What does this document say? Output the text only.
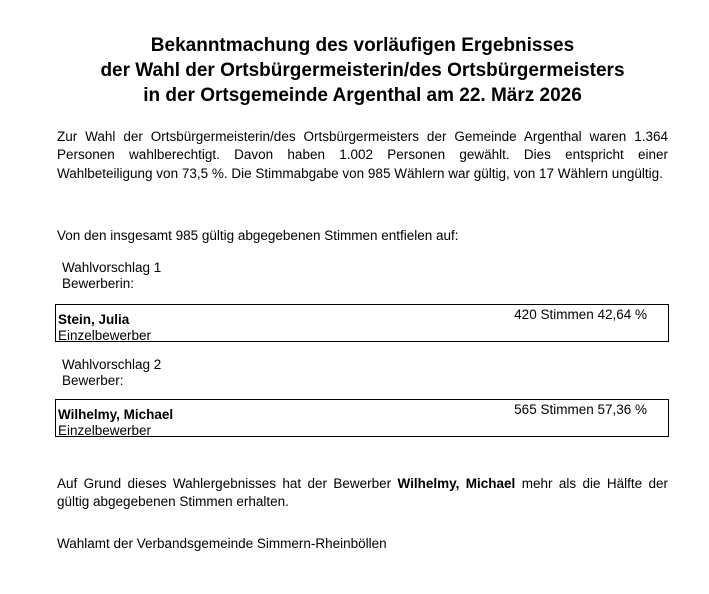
Bekanntmachung des vorläufigen Ergebnisses
der Wahl der Ortsbürgermeisterin/des Ortsbürgermeisters
in der Ortsgemeinde Argenthal am 22. März 2026
Zur Wahl der Ortsbürgermeisterin/des Ortsbürgermeisters der Gemeinde Argenthal waren 1.364 Personen wahlberechtigt. Davon haben 1.002 Personen gewählt. Dies entspricht einer Wahlbeteiligung von 73,5 %. Die Stimmabgabe von 985 Wählern war gültig, von 17 Wählern ungültig.
Von den insgesamt 985 gültig abgegebenen Stimmen entfielen auf:
Wahlvorschlag 1
Bewerberin:
Stein, Julia
Einzelbewerber
420 Stimmen 42,64 %
Wahlvorschlag 2
Bewerber:
Wilhelmy, Michael
Einzelbewerber
565 Stimmen 57,36 %
Auf Grund dieses Wahlergebnisses hat der Bewerber Wilhelmy, Michael mehr als die Hälfte der gültig abgegebenen Stimmen erhalten.
Wahlamt der Verbandsgemeinde Simmern-Rheinböllen
